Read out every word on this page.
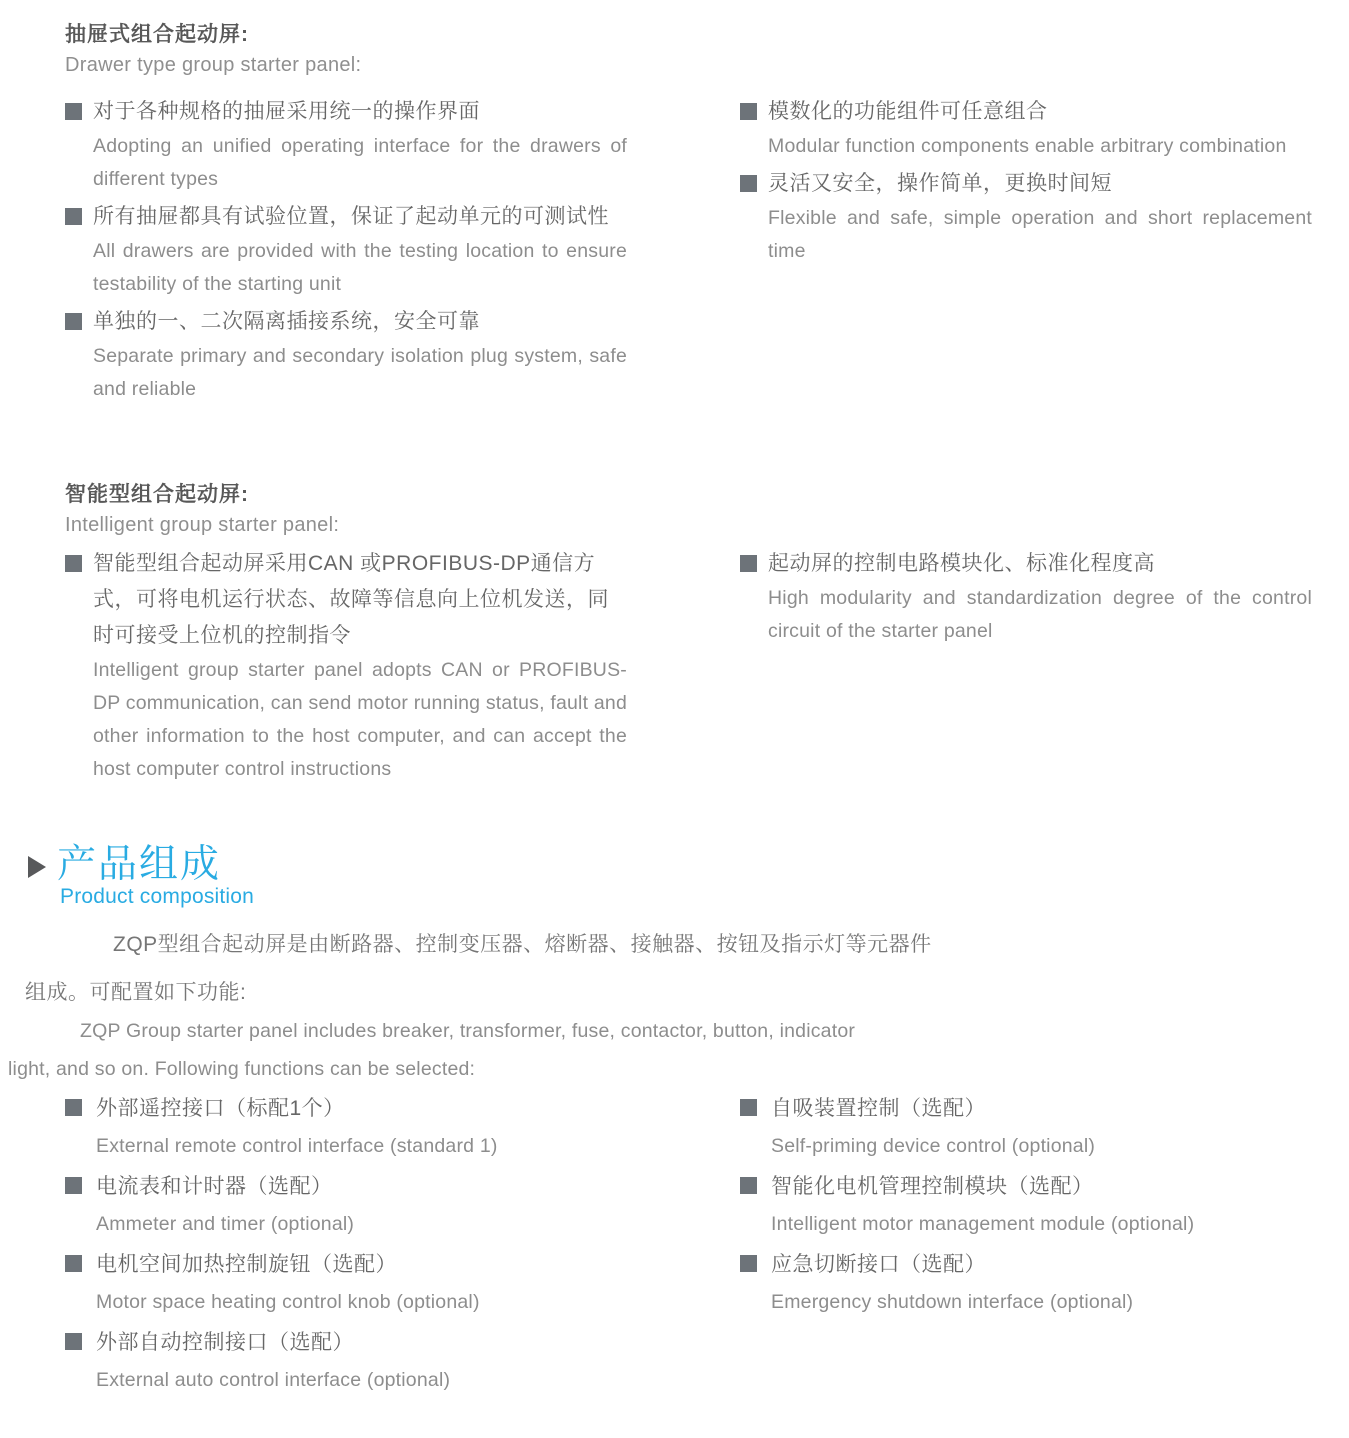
抽屉式组合起动屏:
Drawer type group starter panel:
对于各种规格的抽屉采用统一的操作界面
Adopting an unified operating interface for the drawers of different types
所有抽屉都具有试验位置，保证了起动单元的可测试性
All drawers are provided with the testing location to ensure testability of the starting unit
单独的一、二次隔离插接系统，安全可靠
Separate primary and secondary isolation plug system, safe and reliable
模数化的功能组件可任意组合
Modular function components enable arbitrary combination
灵活又安全，操作简单，更换时间短
Flexible and safe, simple operation and short replacement time
智能型组合起动屏:
Intelligent group starter panel:
智能型组合起动屏采用CAN 或PROFIBUS-DP通信方式，可将电机运行状态、故障等信息向上位机发送，同时可接受上位机的控制指令
Intelligent group starter panel adopts CAN or PROFIBUS-DP communication, can send motor running status, fault and other information to the host computer, and can accept the host computer control instructions
起动屏的控制电路模块化、标准化程度高
High modularity and standardization degree of the control circuit of the starter panel
产品组成
Product composition
ZQP型组合起动屏是由断路器、控制变压器、熔断器、接触器、按钮及指示灯等元器件组成。可配置如下功能:
ZQP Group starter panel includes breaker, transformer, fuse, contactor, button, indicator light, and so on. Following functions can be selected:
外部遥控接口（标配1个）
External remote control interface (standard 1)
电流表和计时器（选配）
Ammeter and timer (optional)
电机空间加热控制旋钮（选配）
Motor space heating control knob (optional)
外部自动控制接口（选配）
External auto control interface (optional)
自吸装置控制（选配）
Self-priming device control (optional)
智能化电机管理控制模块（选配）
Intelligent motor management module (optional)
应急切断接口（选配）
Emergency shutdown interface (optional)
